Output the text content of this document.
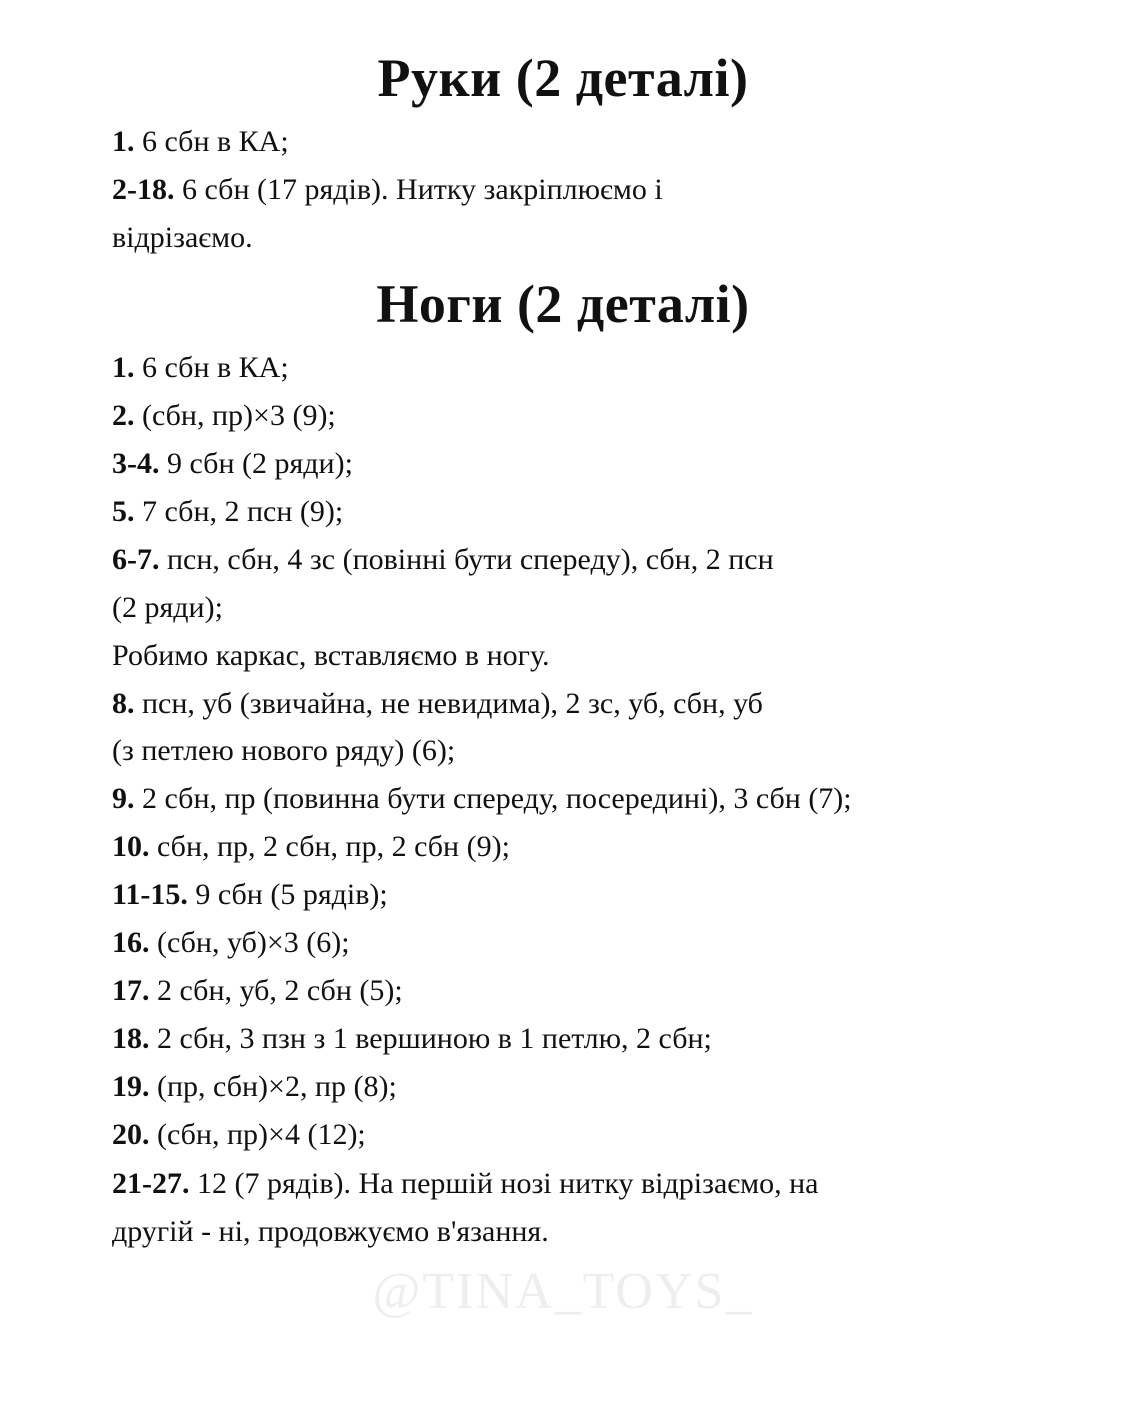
Руки (2 деталі)
1. 6 сбн в КА;
2-18. 6 сбн (17 рядів). Нитку закріплюємо і
відрізаємо.
Ноги (2 деталі)
1. 6 сбн в КА;
2. (сбн, пр)×3 (9);
3-4. 9 сбн (2 ряди);
5. 7 сбн, 2 псн (9);
6-7. псн, сбн, 4 зс (повінні бути спереду), сбн, 2 псн
(2 ряди);
Робимо каркас, вставляємо в ногу.
8. псн, уб (звичайна, не невидима), 2 зс, уб, сбн, уб
(з петлею нового ряду) (6);
9. 2 сбн, пр (повинна бути спереду, посередині), 3 сбн (7);
10. сбн, пр, 2 сбн, пр, 2 сбн (9);
11-15. 9 сбн (5 рядів);
16. (сбн, уб)×3 (6);
17. 2 сбн, уб, 2 сбн (5);
18. 2 сбн, 3 пзн з 1 вершиною в 1 петлю, 2 сбн;
19. (пр, сбн)×2, пр (8);
20. (сбн, пр)×4 (12);
21-27. 12 (7 рядів). На першій нозі нитку відрізаємо, на
другій - ні, продовжуємо в'язання.
@TINA_TOYS_
